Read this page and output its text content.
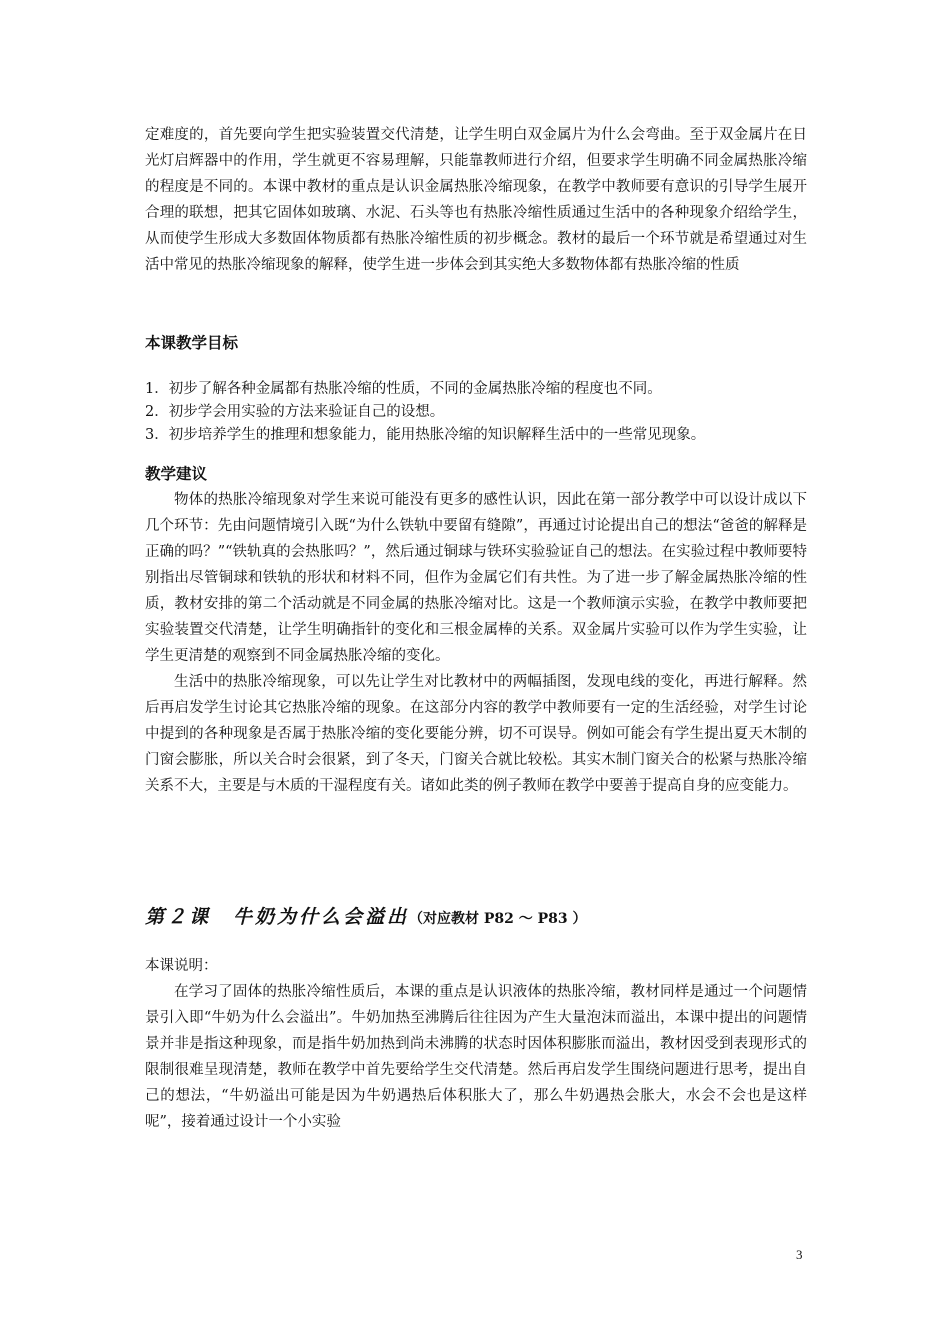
定难度的，首先要向学生把实验装置交代清楚，让学生明白双金属片为什么会弯曲。至于双金属片在日光灯启辉器中的作用，学生就更不容易理解，只能靠教师进行介绍，但要求学生明确不同金属热胀冷缩的程度是不同的。本课中教材的重点是认识金属热胀冷缩现象，在教学中教师要有意识的引导学生展开合理的联想，把其它固体如玻璃、水泥、石头等也有热胀冷缩性质通过生活中的各种现象介绍给学生，从而使学生形成大多数固体物质都有热胀冷缩性质的初步概念。教材的最后一个环节就是希望通过对生活中常见的热胀冷缩现象的解释，使学生进一步体会到其实绝大多数物体都有热胀冷缩的性质

本课教学目标

1．初步了解各种金属都有热胀冷缩的性质，不同的金属热胀冷缩的程度也不同。

2．初步学会用实验的方法来验证自己的设想。

3．初步培养学生的推理和想象能力，能用热胀冷缩的知识解释生活中的一些常见现象。

教学建议

物体的热胀冷缩现象对学生来说可能没有更多的感性认识，因此在第一部分教学中可以设计成以下几个环节：先由问题情境引入既“为什么铁轨中要留有缝隙”，再通过讨论提出自己的想法“爸爸的解释是正确的吗？”“铁轨真的会热胀吗？”，然后通过铜球与铁环实验验证自己的想法。在实验过程中教师要特别指出尽管铜球和铁轨的形状和材料不同，但作为金属它们有共性。为了进一步了解金属热胀冷缩的性质，教材安排的第二个活动就是不同金属的热胀冷缩对比。这是一个教师演示实验，在教学中教师要把实验装置交代清楚，让学生明确指针的变化和三根金属棒的关系。双金属片实验可以作为学生实验，让学生更清楚的观察到不同金属热胀冷缩的变化。

生活中的热胀冷缩现象，可以先让学生对比教材中的两幅插图，发现电线的变化，再进行解释。然后再启发学生讨论其它热胀冷缩的现象。在这部分内容的教学中教师要有一定的生活经验，对学生讨论中提到的各种现象是否属于热胀冷缩的变化要能分辨，切不可误导。例如可能会有学生提出夏天木制的门窗会膨胀，所以关合时会很紧，到了冬天，门窗关合就比较松。其实木制门窗关合的松紧与热胀冷缩关系不大，主要是与木质的干湿程度有关。诸如此类的例子教师在教学中要善于提高自身的应变能力。

第２课　牛奶为什么会溢出（对应教材 P82 ～ P83 ）

本课说明：

在学习了固体的热胀冷缩性质后，本课的重点是认识液体的热胀冷缩，教材同样是通过一个问题情景引入即“牛奶为什么会溢出”。牛奶加热至沸腾后往往因为产生大量泡沫而溢出，本课中提出的问题情景并非是指这种现象，而是指牛奶加热到尚未沸腾的状态时因体积膨胀而溢出，教材因受到表现形式的限制很难呈现清楚，教师在教学中首先要给学生交代清楚。然后再启发学生围绕问题进行思考，提出自己的想法，“牛奶溢出可能是因为牛奶遇热后体积胀大了，那么牛奶遇热会胀大，水会不会也是这样呢”，接着通过设计一个小实验

3
